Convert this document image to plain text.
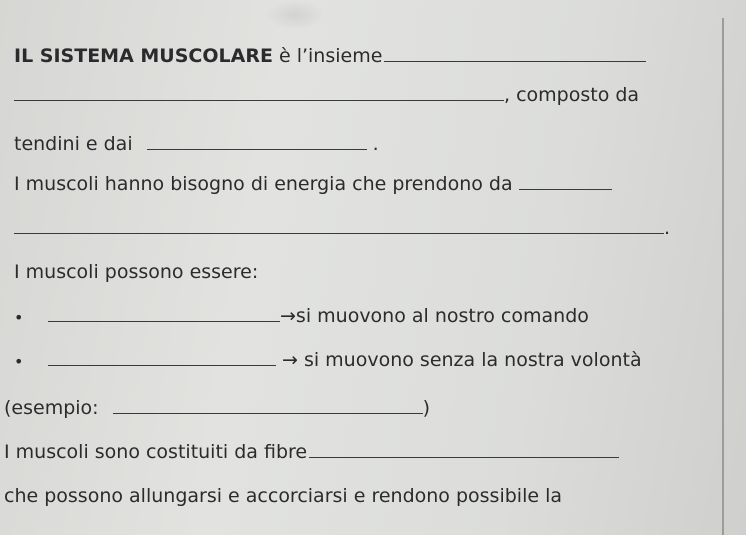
IL SISTEMA MUSCOLARE è l’insieme
, composto da
tendini e dai	.
I muscoli hanno bisogno di energia che prendono da
.
I muscoli possono essere:
•	→si muovono al nostro comando
•	→ si muovono senza la nostra volontà
(esempio:	)
I muscoli sono costituiti da fibre
che possono allungarsi e accorciarsi e rendono possibile la
